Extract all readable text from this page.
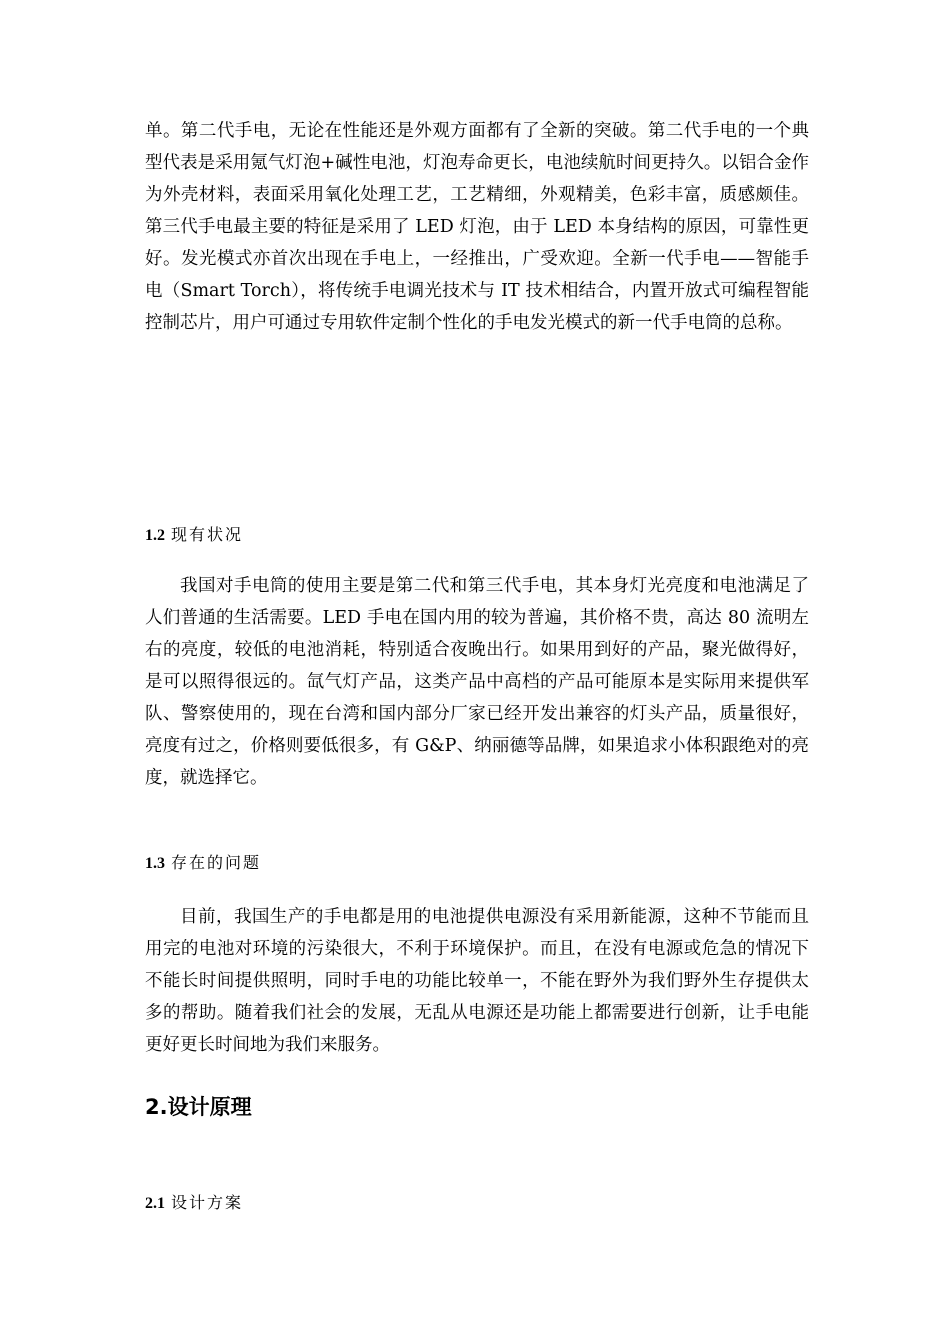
单。第二代手电，无论在性能还是外观方面都有了全新的突破。第二代手电的一个典型代表是采用氪气灯泡+碱性电池，灯泡寿命更长，电池续航时间更持久。以铝合金作为外壳材料，表面采用氧化处理工艺，工艺精细，外观精美，色彩丰富，质感颇佳。 第三代手电最主要的特征是采用了 LED 灯泡，由于 LED 本身结构的原因，可靠性更好。发光模式亦首次出现在手电上，一经推出，广受欢迎。全新一代手电——智能手电（Smart Torch），将传统手电调光技术与 IT 技术相结合，内置开放式可编程智能控制芯片，用户可通过专用软件定制个性化的手电发光模式的新一代手电筒的总称。

1.2 现有状况

我国对手电筒的使用主要是第二代和第三代手电，其本身灯光亮度和电池满足了人们普通的生活需要。LED 手电在国内用的较为普遍，其价格不贵，高达 80 流明左右的亮度，较低的电池消耗，特别适合夜晚出行。如果用到好的产品，聚光做得好，是可以照得很远的。氙气灯产品，这类产品中高档的产品可能原本是实际用来提供军队、警察使用的，现在台湾和国内部分厂家已经开发出兼容的灯头产品，质量很好，亮度有过之，价格则要低很多，有 G&P、纳丽德等品牌，如果追求小体积跟绝对的亮度，就选择它。

1.3 存在的问题

目前，我国生产的手电都是用的电池提供电源没有采用新能源，这种不节能而且用完的电池对环境的污染很大，不利于环境保护。而且，在没有电源或危急的情况下不能长时间提供照明，同时手电的功能比较单一，不能在野外为我们野外生存提供太多的帮助。随着我们社会的发展，无乱从电源还是功能上都需要进行创新，让手电能更好更长时间地为我们来服务。

2.设计原理
2.1 设计方案
